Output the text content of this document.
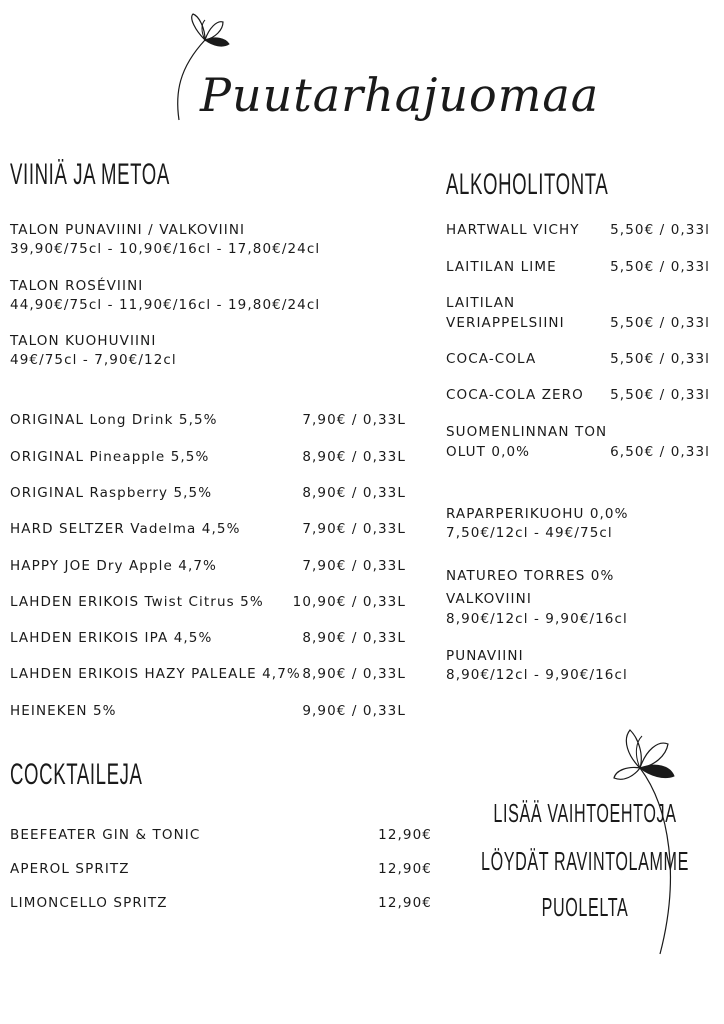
Puutarhajuomaa
VIINIÄ JA METOA
TALON PUNAVIINI / VALKOVIINI
39,90€/75cl - 10,90€/16cl - 17,80€/24cl
TALON ROSÉVIINI
44,90€/75cl - 11,90€/16cl - 19,80€/24cl
TALON KUOHUVIINI
49€/75cl - 7,90€/12cl
ORIGINAL Long Drink 5,5%	7,90€ / 0,33L
ORIGINAL Pineapple 5,5%	8,90€ / 0,33L
ORIGINAL Raspberry 5,5%	8,90€ / 0,33L
HARD SELTZER Vadelma 4,5%	7,90€ / 0,33L
HAPPY JOE Dry Apple 4,7%	7,90€ / 0,33L
LAHDEN ERIKOIS Twist Citrus 5% 10,90€ / 0,33L
LAHDEN ERIKOIS IPA 4,5%	8,90€ / 0,33L
LAHDEN ERIKOIS HAZY PALEALE 4,7% 8,90€ / 0,33L
HEINEKEN 5%	9,90€ / 0,33L
COCKTAILEJA
BEEFEATER GIN & TONIC	12,90€
APEROL SPRITZ	12,90€
LIMONCELLO SPRITZ	12,90€
ALKOHOLITONTA
HARTWALL VICHY 5,50€ / 0,33l
LAITILAN LIME	5,50€ / 0,33l
LAITILAN
VERIAPPELSIINI	5,50€ / 0,33l
COCA-COLA	5,50€ / 0,33l
COCA-COLA ZERO 5,50€ / 0,33l
SUOMENLINNAN TON
OLUT 0,0%	6,50€ / 0,33l
RAPARPERIKUOHU 0,0%
7,50€/12cl - 49€/75cl
NATUREO TORRES 0%
VALKOVIINI
8,90€/12cl - 9,90€/16cl
PUNAVIINI
8,90€/12cl - 9,90€/16cl
LISÄÄ VAIHTOEHTOJA
LÖYDÄT RAVINTOLAMME
PUOLELTA
